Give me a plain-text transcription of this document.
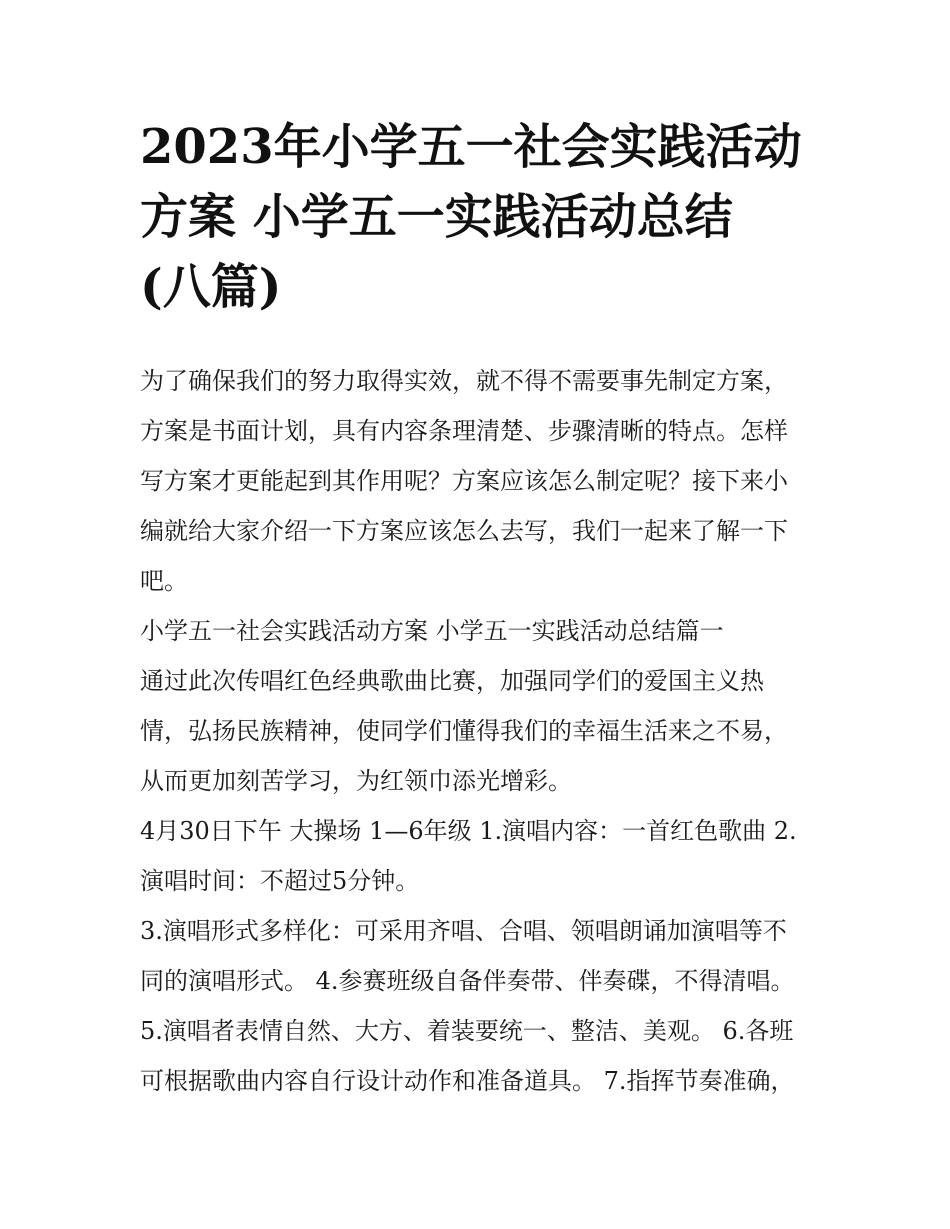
2023年小学五一社会实践活动
方案 小学五一实践活动总结
(八篇)

为了确保我们的努力取得实效，就不得不需要事先制定方案，
方案是书面计划，具有内容条理清楚、步骤清晰的特点。怎样
写方案才更能起到其作用呢？方案应该怎么制定呢？接下来小
编就给大家介绍一下方案应该怎么去写，我们一起来了解一下
吧。

小学五一社会实践活动方案 小学五一实践活动总结篇一

通过此次传唱红色经典歌曲比赛，加强同学们的爱国主义热
情，弘扬民族精神，使同学们懂得我们的幸福生活来之不易，
从而更加刻苦学习，为红领巾添光增彩。

4月30日下午 大操场 1—6年级 1.演唱内容：一首红色歌曲 2.
演唱时间：不超过5分钟。

3.演唱形式多样化：可采用齐唱、合唱、领唱朗诵加演唱等不
同的演唱形式。 4.参赛班级自备伴奏带、伴奏碟，不得清唱。
5.演唱者表情自然、大方、着装要统一、整洁、美观。 6.各班
可根据歌曲内容自行设计动作和准备道具。 7.指挥节奏准确，
